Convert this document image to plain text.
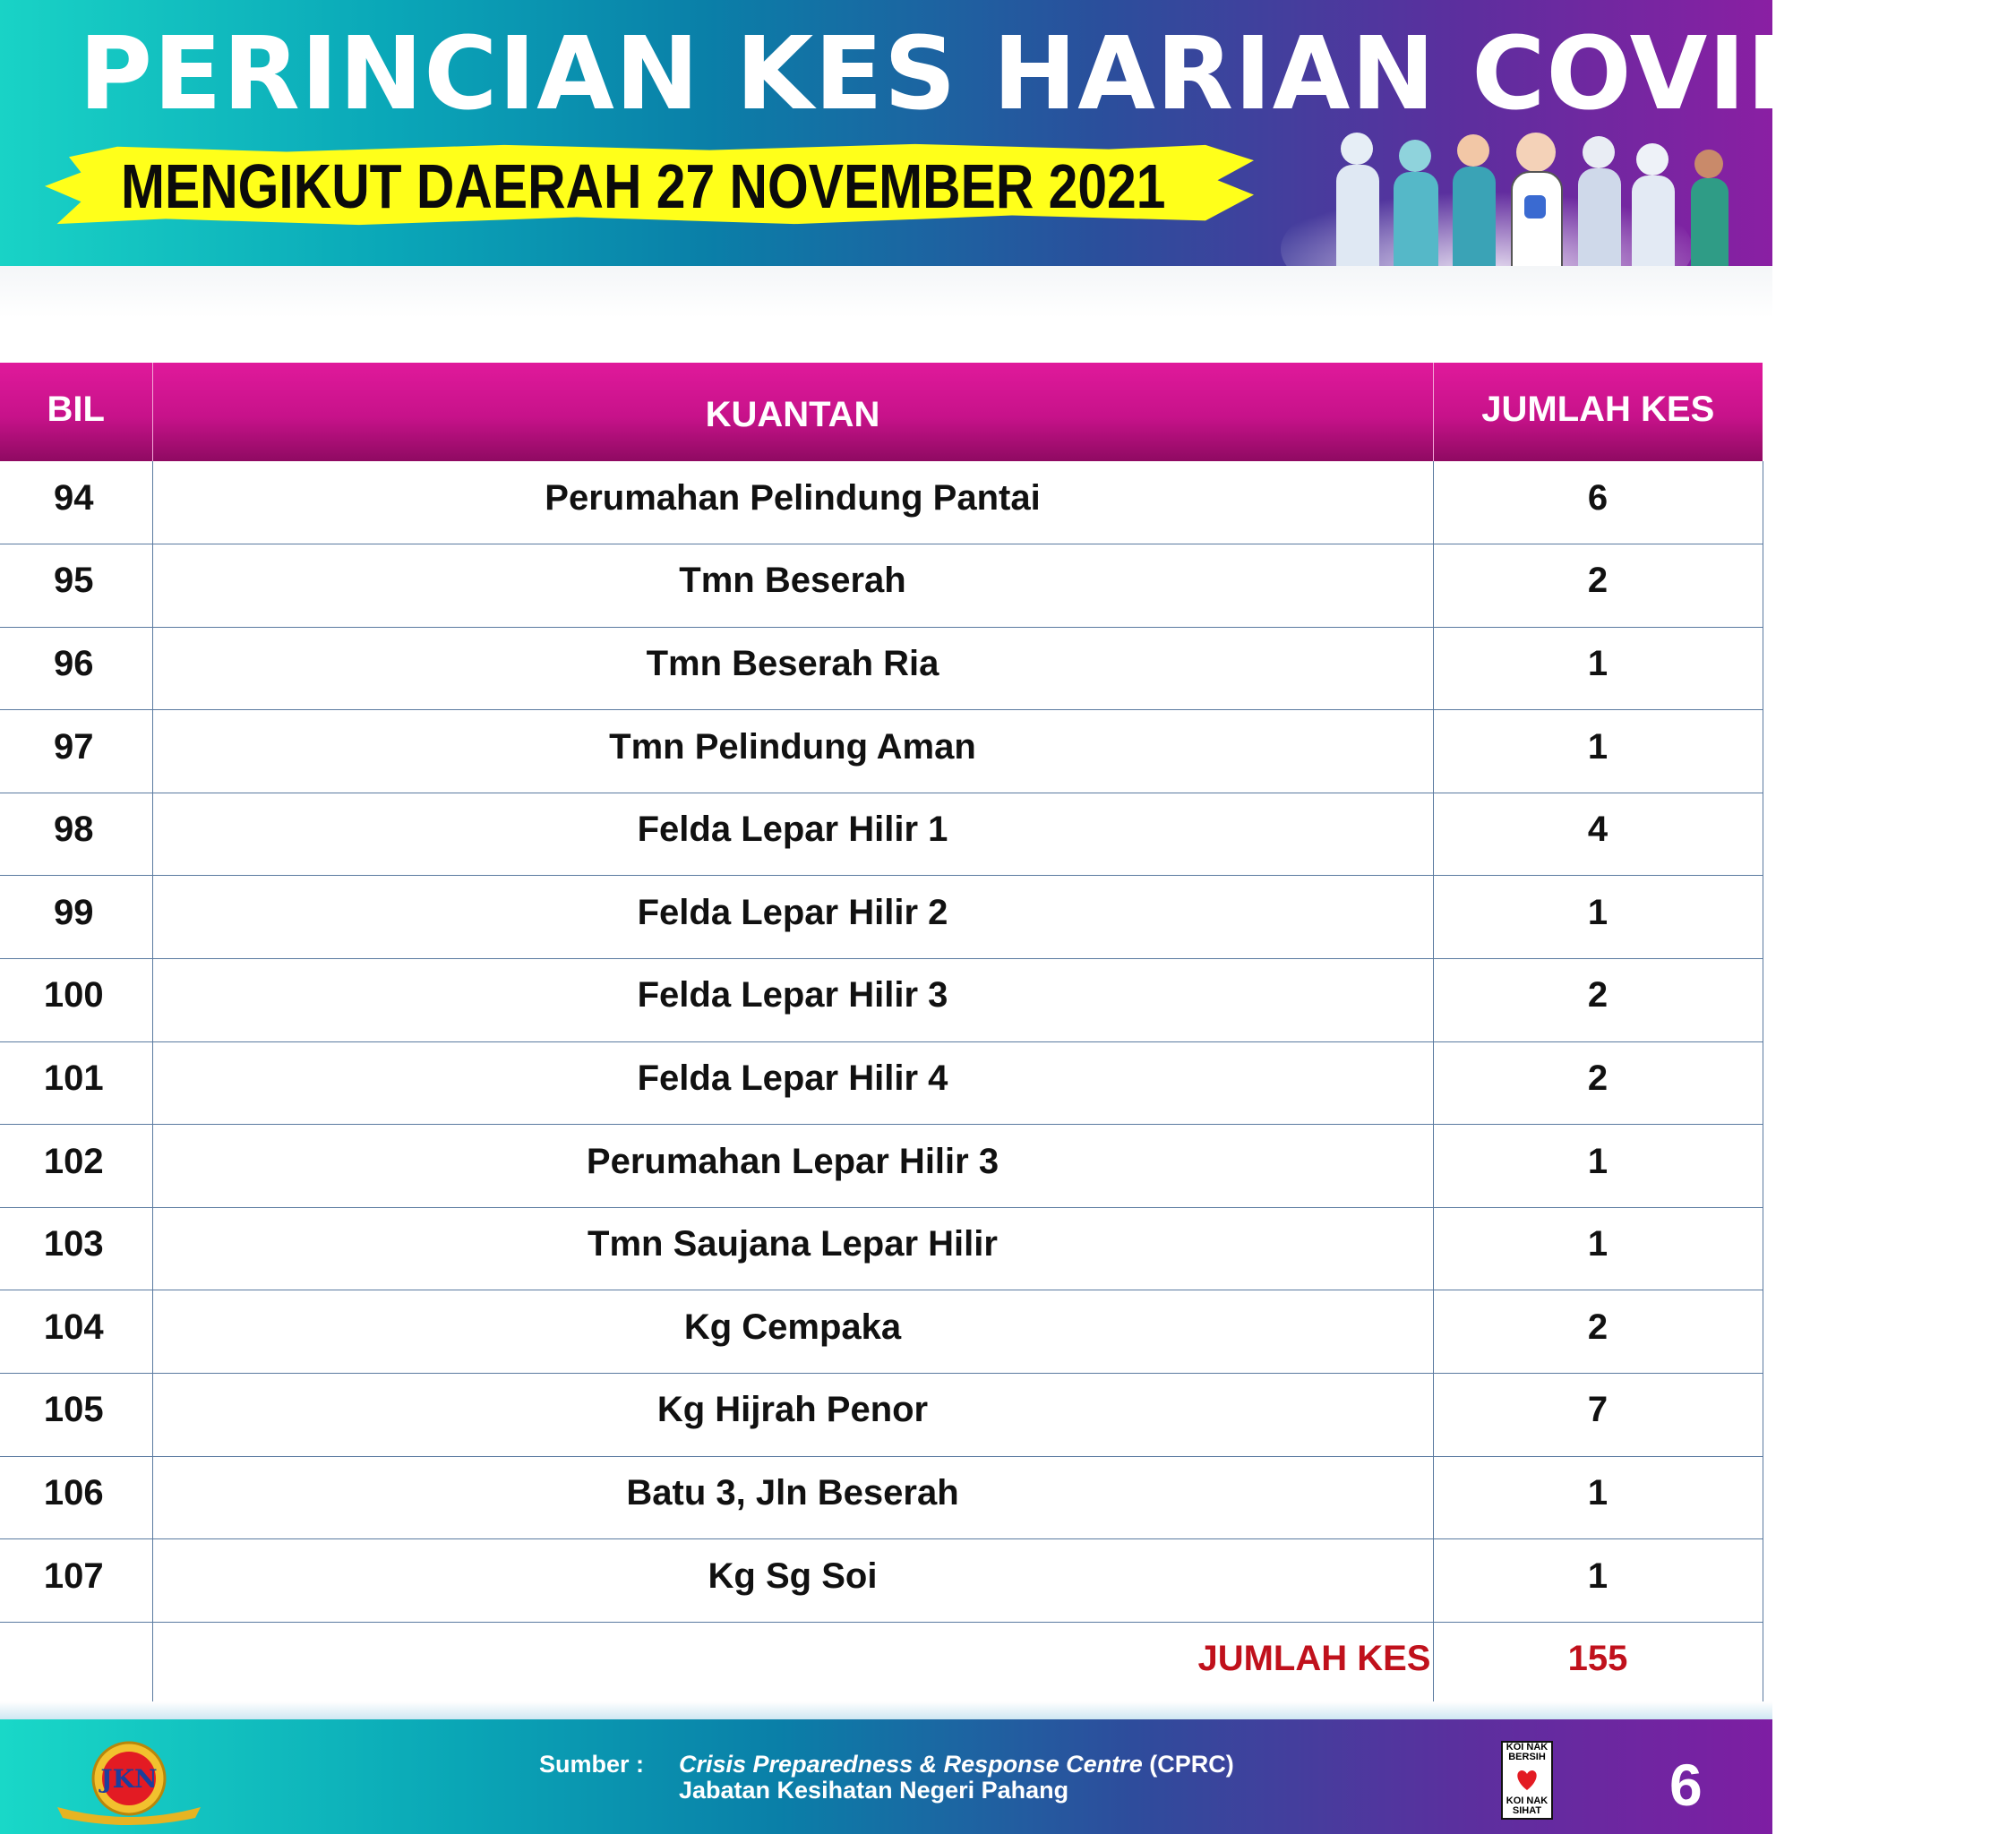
PERINCIAN KES HARIAN COVID-19
MENGIKUT DAERAH 27 NOVEMBER 2021
BIL	KUANTAN	JUMLAH KES
94	Perumahan Pelindung Pantai	6
95	Tmn Beserah	2
96	Tmn Beserah Ria	1
97	Tmn Pelindung Aman	1
98	Felda Lepar Hilir 1	4
99	Felda Lepar Hilir 2	1
100	Felda Lepar Hilir 3	2
101	Felda Lepar Hilir 4	2
102	Perumahan Lepar Hilir 3	1
103	Tmn Saujana Lepar Hilir	1
104	Kg Cempaka	2
105	Kg Hijrah Penor	7
106	Batu 3, Jln Beserah	1
107	Kg Sg Soi	1
	JUMLAH KES	155
JKN	Sumber : Crisis Preparedness & Response Centre (CPRC)
Jabatan Kesihatan Negeri Pahang
KOI NAK BERSIH
KOI NAK SIHAT 6
